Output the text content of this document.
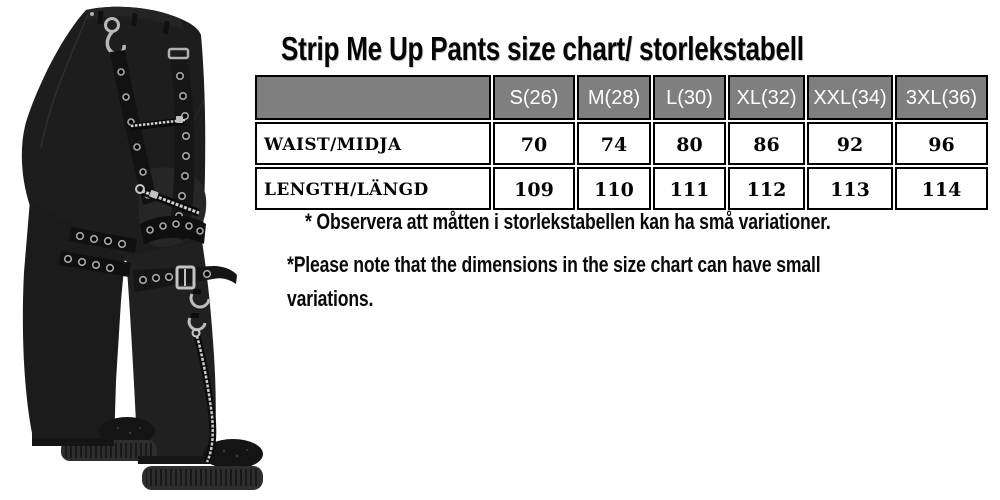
Strip Me Up Pants size chart/ storlekstabell
	S(26)	M(28)	L(30)	XL(32)	XXL(34)	3XL(36)
WAIST/MIDJA	70	74	80	86	92	96
LENGTH/LÄNGD	109	110	111	112	113	114
* Observera att måtten i storlekstabellen kan ha små variationer.
*Please note that the dimensions in the size chart can have small
variations.
